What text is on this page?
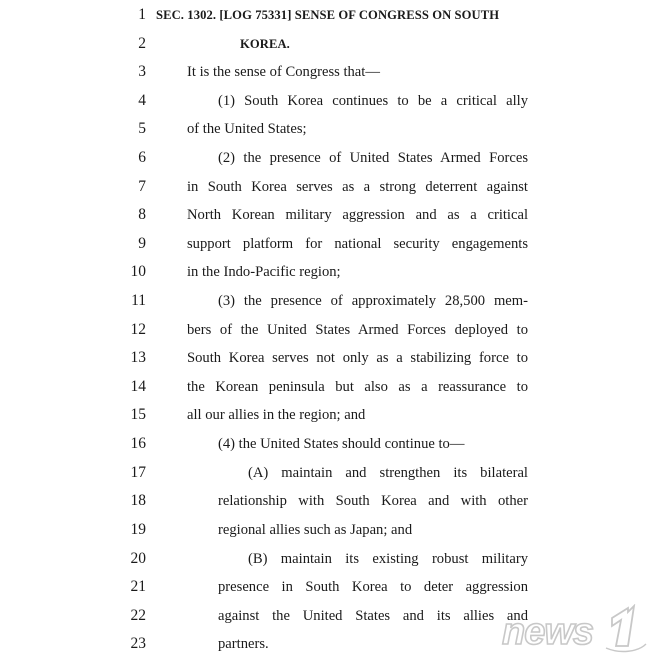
1 SEC. 1302. [LOG 75331] SENSE OF CONGRESS ON SOUTH
2	KOREA.
3	It is the sense of Congress that—
4	(1) South Korea continues to be a critical ally
5	of the United States;
6	(2) the presence of United States Armed Forces
7	in South Korea serves as a strong deterrent against
8	North Korean military aggression and as a critical
9	support platform for national security engagements
10	in the Indo-Pacific region;
11	(3) the presence of approximately 28,500 mem-
12	bers of the United States Armed Forces deployed to
13	South Korea serves not only as a stabilizing force to
14	the Korean peninsula but also as a reassurance to
15	all our allies in the region; and
16	(4) the United States should continue to—
17	(A) maintain and strengthen its bilateral
18	relationship with South Korea and with other
19	regional allies such as Japan; and
20	(B) maintain its existing robust military
21	presence in South Korea to deter aggression
22	against the United States and its allies and
23	partners.	news
